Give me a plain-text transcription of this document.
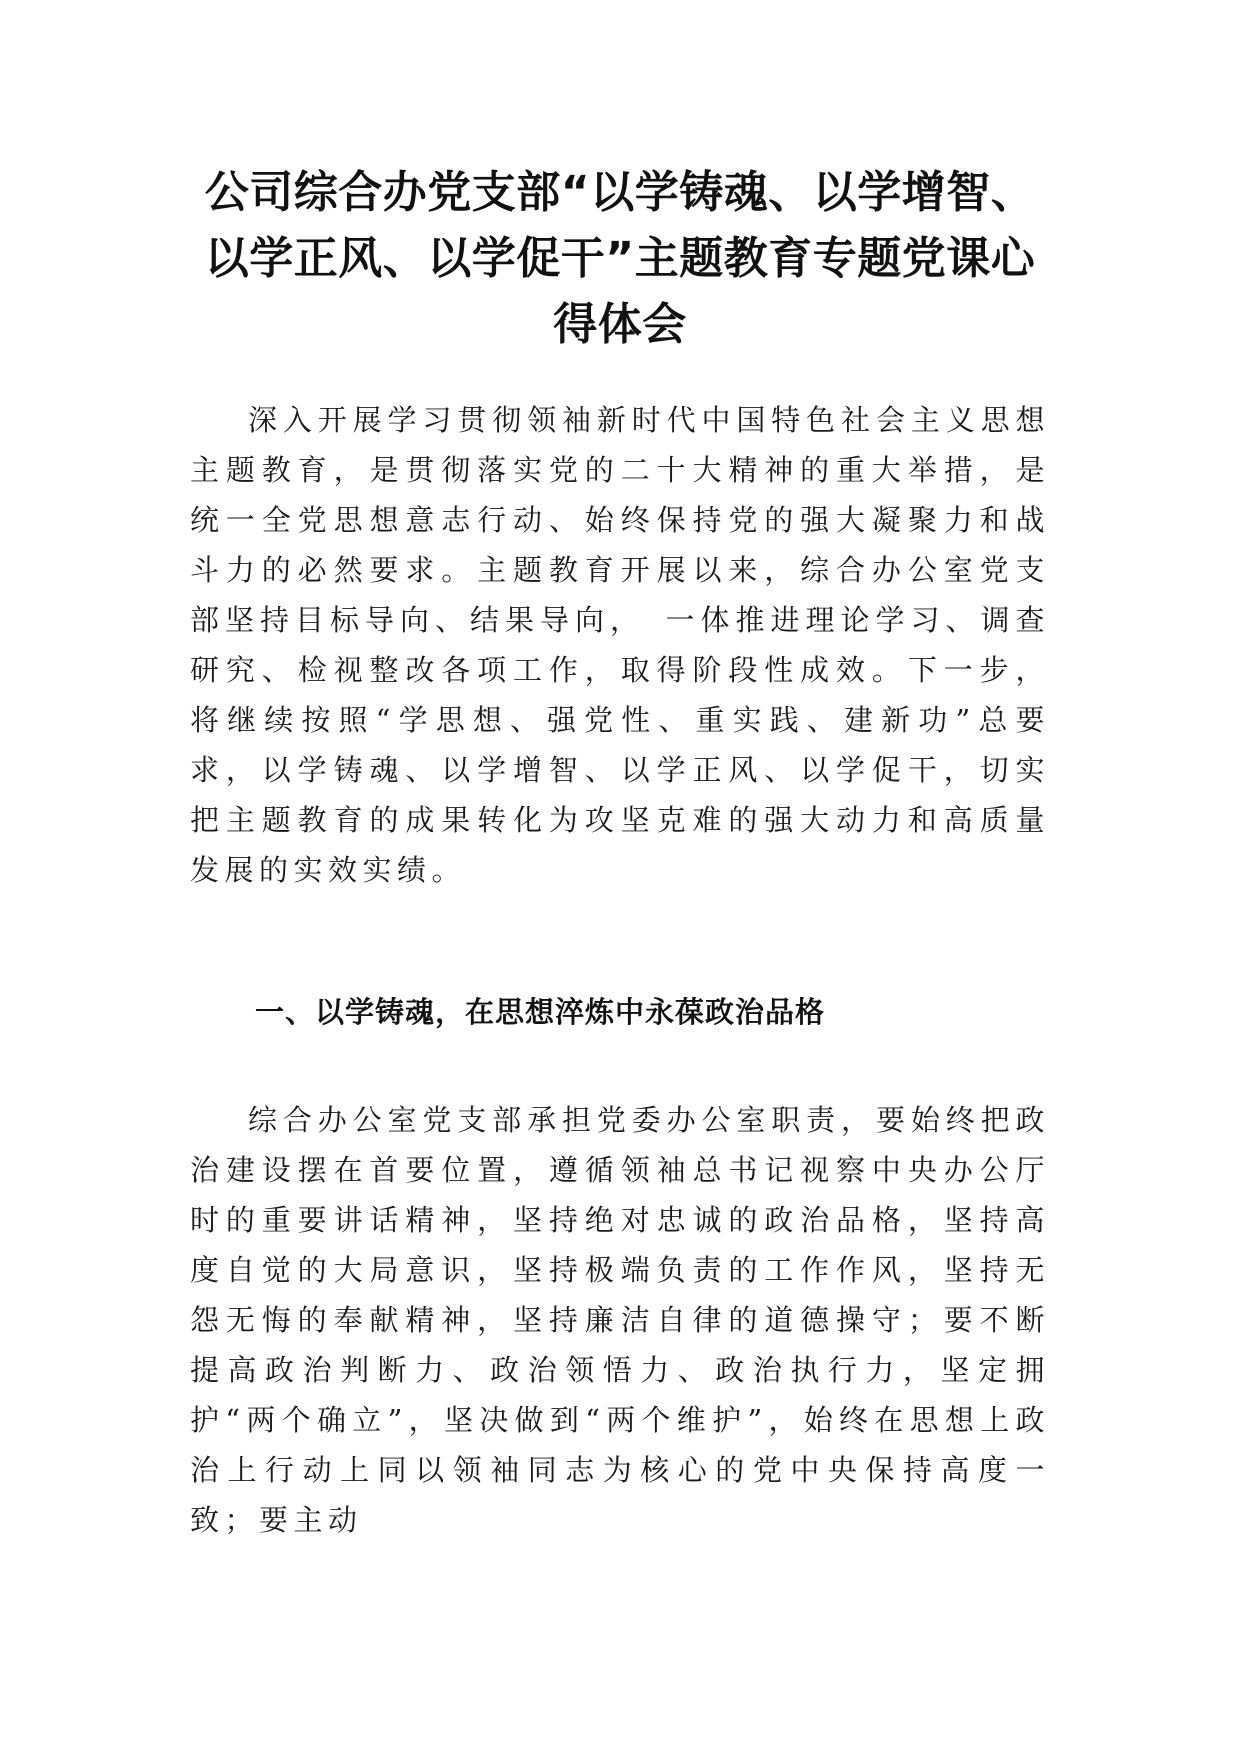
公司综合办党支部“以学铸魂、以学增智、以学正风、以学促干”主题教育专题党课心得体会

深入开展学习贯彻领袖新时代中国特色社会主义思想主题教育，是贯彻落实党的二十大精神的重大举措，是统一全党思想意志行动、始终保持党的强大凝聚力和战斗力的必然要求。主题教育开展以来，综合办公室党支部坚持目标导向、结果导向，　一体推进理论学习、调查研究、检视整改各项工作，取得阶段性成效。下一步，将继续按照“学思想、强党性、重实践、建新功”总要求，以学铸魂、以学增智、以学正风、以学促干，切实把主题教育的成果转化为攻坚克难的强大动力和高质量发展的实效实绩。

一、以学铸魂，在思想淬炼中永葆政治品格

综合办公室党支部承担党委办公室职责，要始终把政治建设摆在首要位置，遵循领袖总书记视察中央办公厅时的重要讲话精神，坚持绝对忠诚的政治品格，坚持高度自觉的大局意识，坚持极端负责的工作作风，坚持无怨无悔的奉献精神，坚持廉洁自律的道德操守；要不断提高政治判断力、政治领悟力、政治执行力，坚定拥护“两个确立”，坚决做到“两个维护”，始终在思想上政治上行动上同以领袖同志为核心的党中央保持高度一致；要主动
